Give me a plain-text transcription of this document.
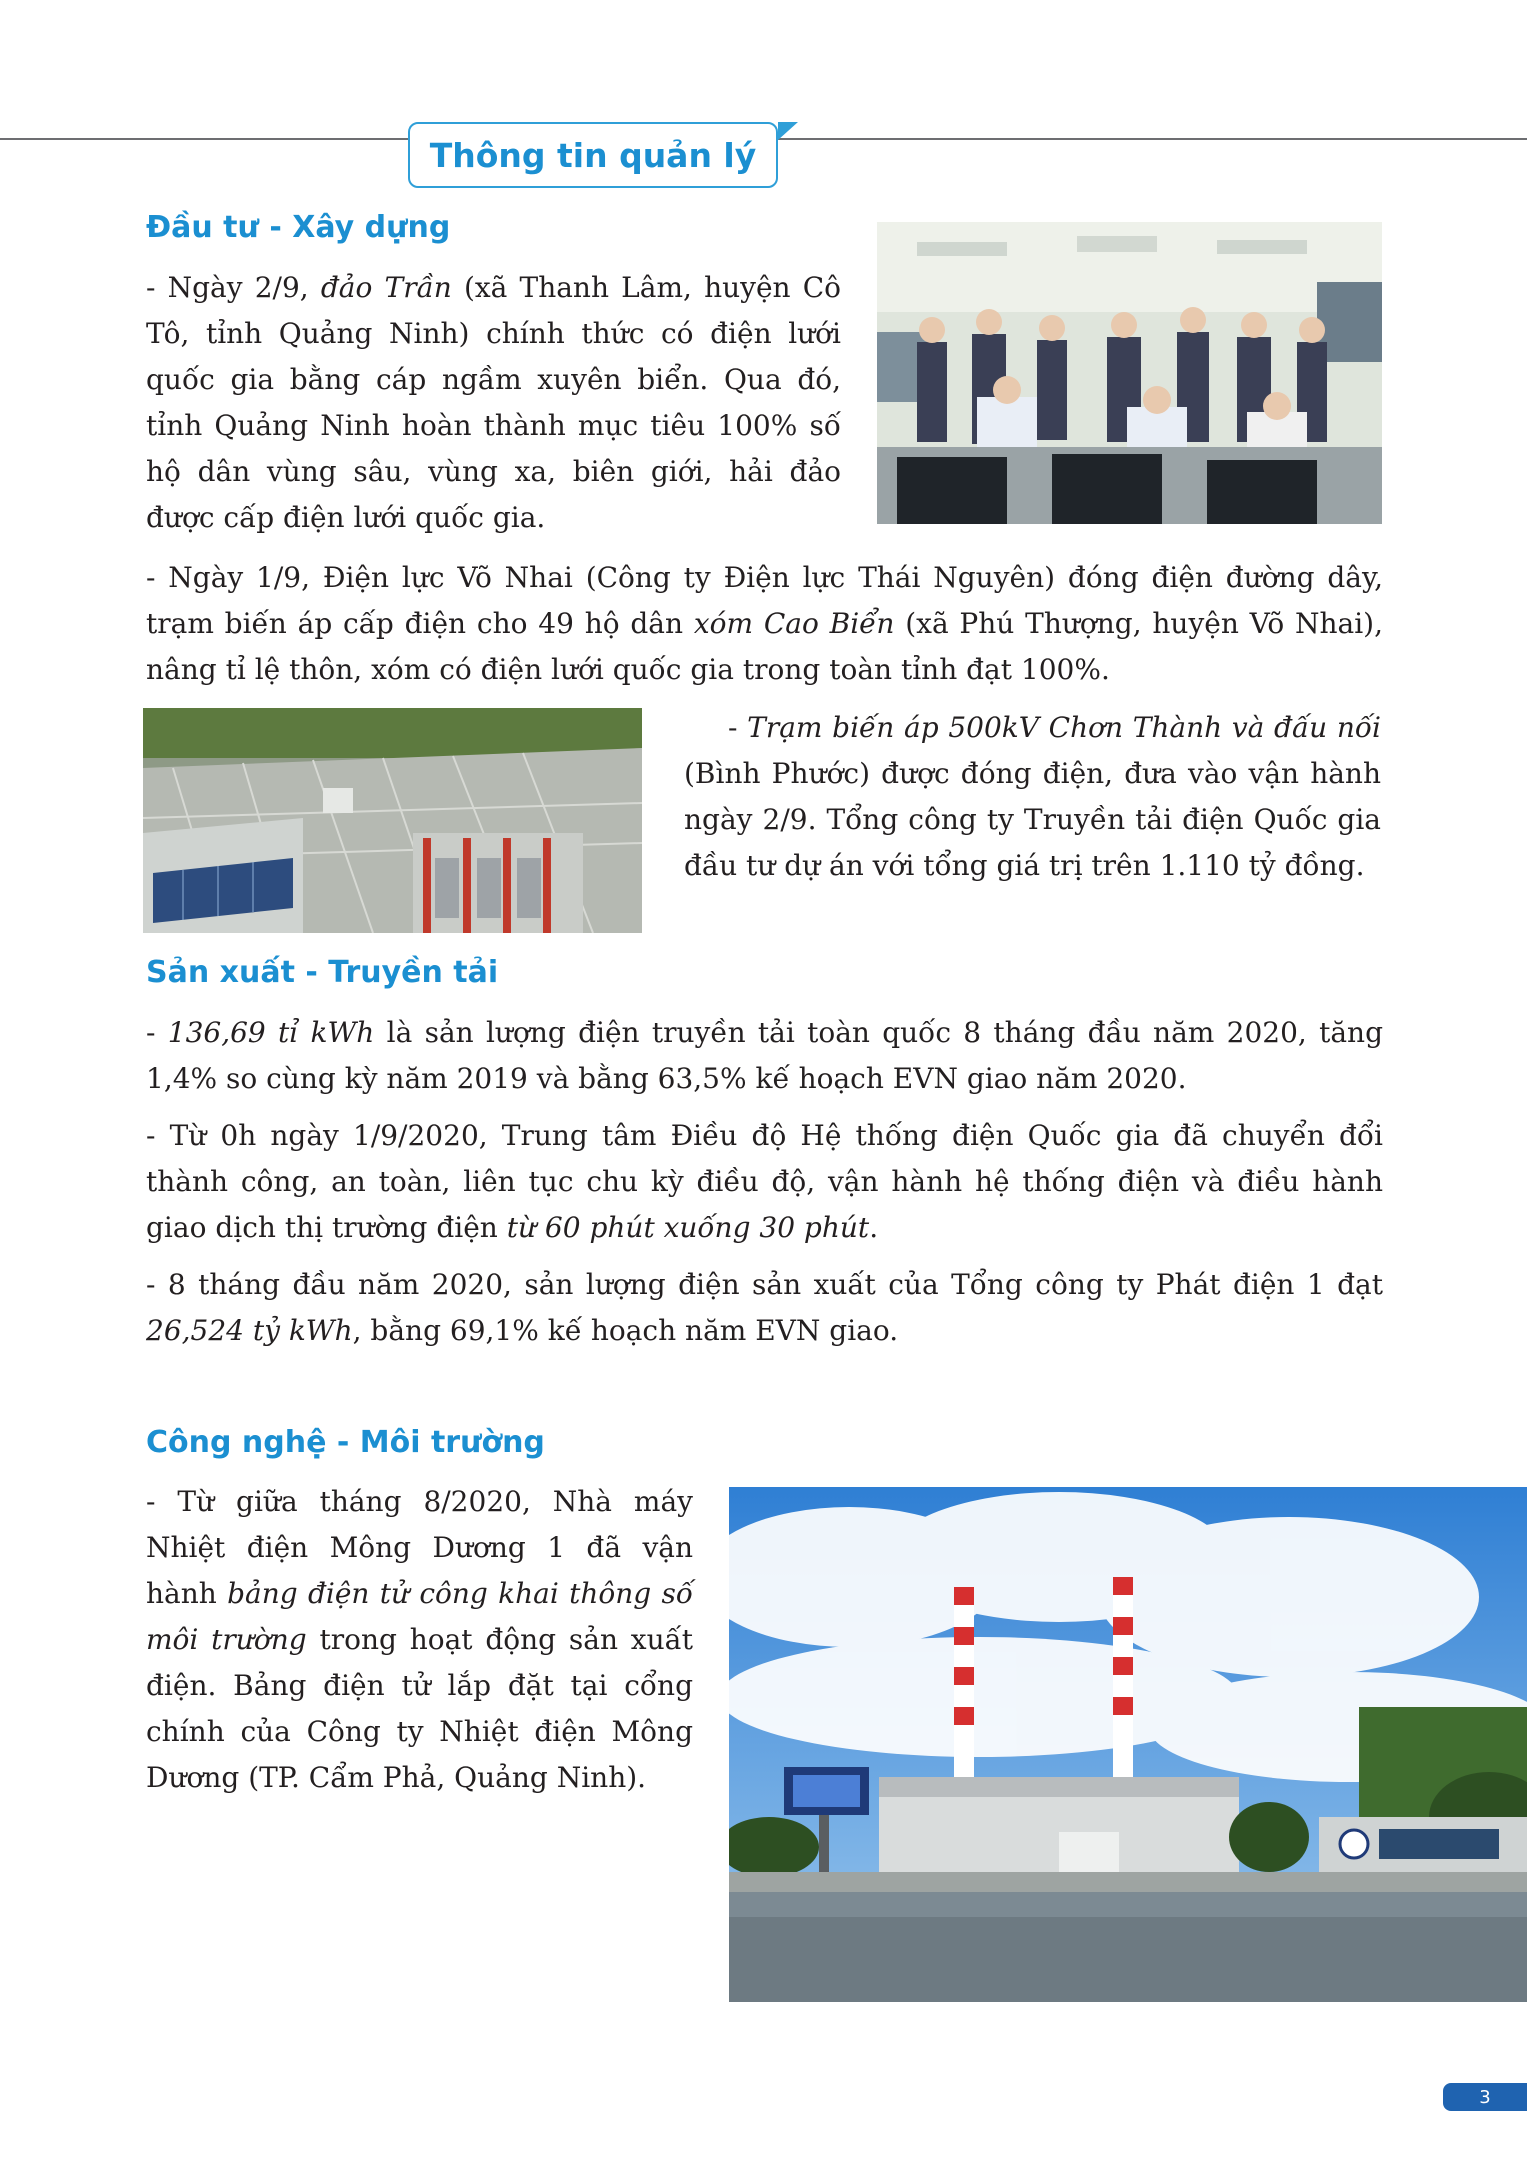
Thông tin quản lý
Đầu tư - Xây dựng

- Ngày 2/9, đảo Trần (xã Thanh Lâm, huyện Cô Tô, tỉnh Quảng Ninh) chính thức có điện lưới quốc gia bằng cáp ngầm xuyên biển. Qua đó, tỉnh Quảng Ninh hoàn thành mục tiêu 100% số hộ dân vùng sâu, vùng xa, biên giới, hải đảo được cấp điện lưới quốc gia.

- Ngày 1/9, Điện lực Võ Nhai (Công ty Điện lực Thái Nguyên) đóng điện đường dây, trạm biến áp cấp điện cho 49 hộ dân xóm Cao Biển (xã Phú Thượng, huyện Võ Nhai), nâng tỉ lệ thôn, xóm có điện lưới quốc gia trong toàn tỉnh đạt 100%.

- Trạm biến áp 500kV Chơn Thành và đấu nối (Bình Phước) được đóng điện, đưa vào vận hành ngày 2/9. Tổng công ty Truyền tải điện Quốc gia đầu tư dự án với tổng giá trị trên 1.110 tỷ đồng.

Sản xuất - Truyền tải

- 136,69 tỉ kWh là sản lượng điện truyền tải toàn quốc 8 tháng đầu năm 2020, tăng 1,4% so cùng kỳ năm 2019 và bằng 63,5% kế hoạch EVN giao năm 2020.

- Từ 0h ngày 1/9/2020, Trung tâm Điều độ Hệ thống điện Quốc gia đã chuyển đổi thành công, an toàn, liên tục chu kỳ điều độ, vận hành hệ thống điện và điều hành giao dịch thị trường điện từ 60 phút xuống 30 phút.

- 8 tháng đầu năm 2020, sản lượng điện sản xuất của Tổng công ty Phát điện 1 đạt 26,524 tỷ kWh, bằng 69,1% kế hoạch năm EVN giao.

Công nghệ - Môi trường

- Từ giữa tháng 8/2020, Nhà máy Nhiệt điện Mông Dương 1 đã vận hành bảng điện tử công khai thông số môi trường trong hoạt động sản xuất điện. Bảng điện tử lắp đặt tại cổng chính của Công ty Nhiệt điện Mông Dương (TP. Cẩm Phả, Quảng Ninh).

3
